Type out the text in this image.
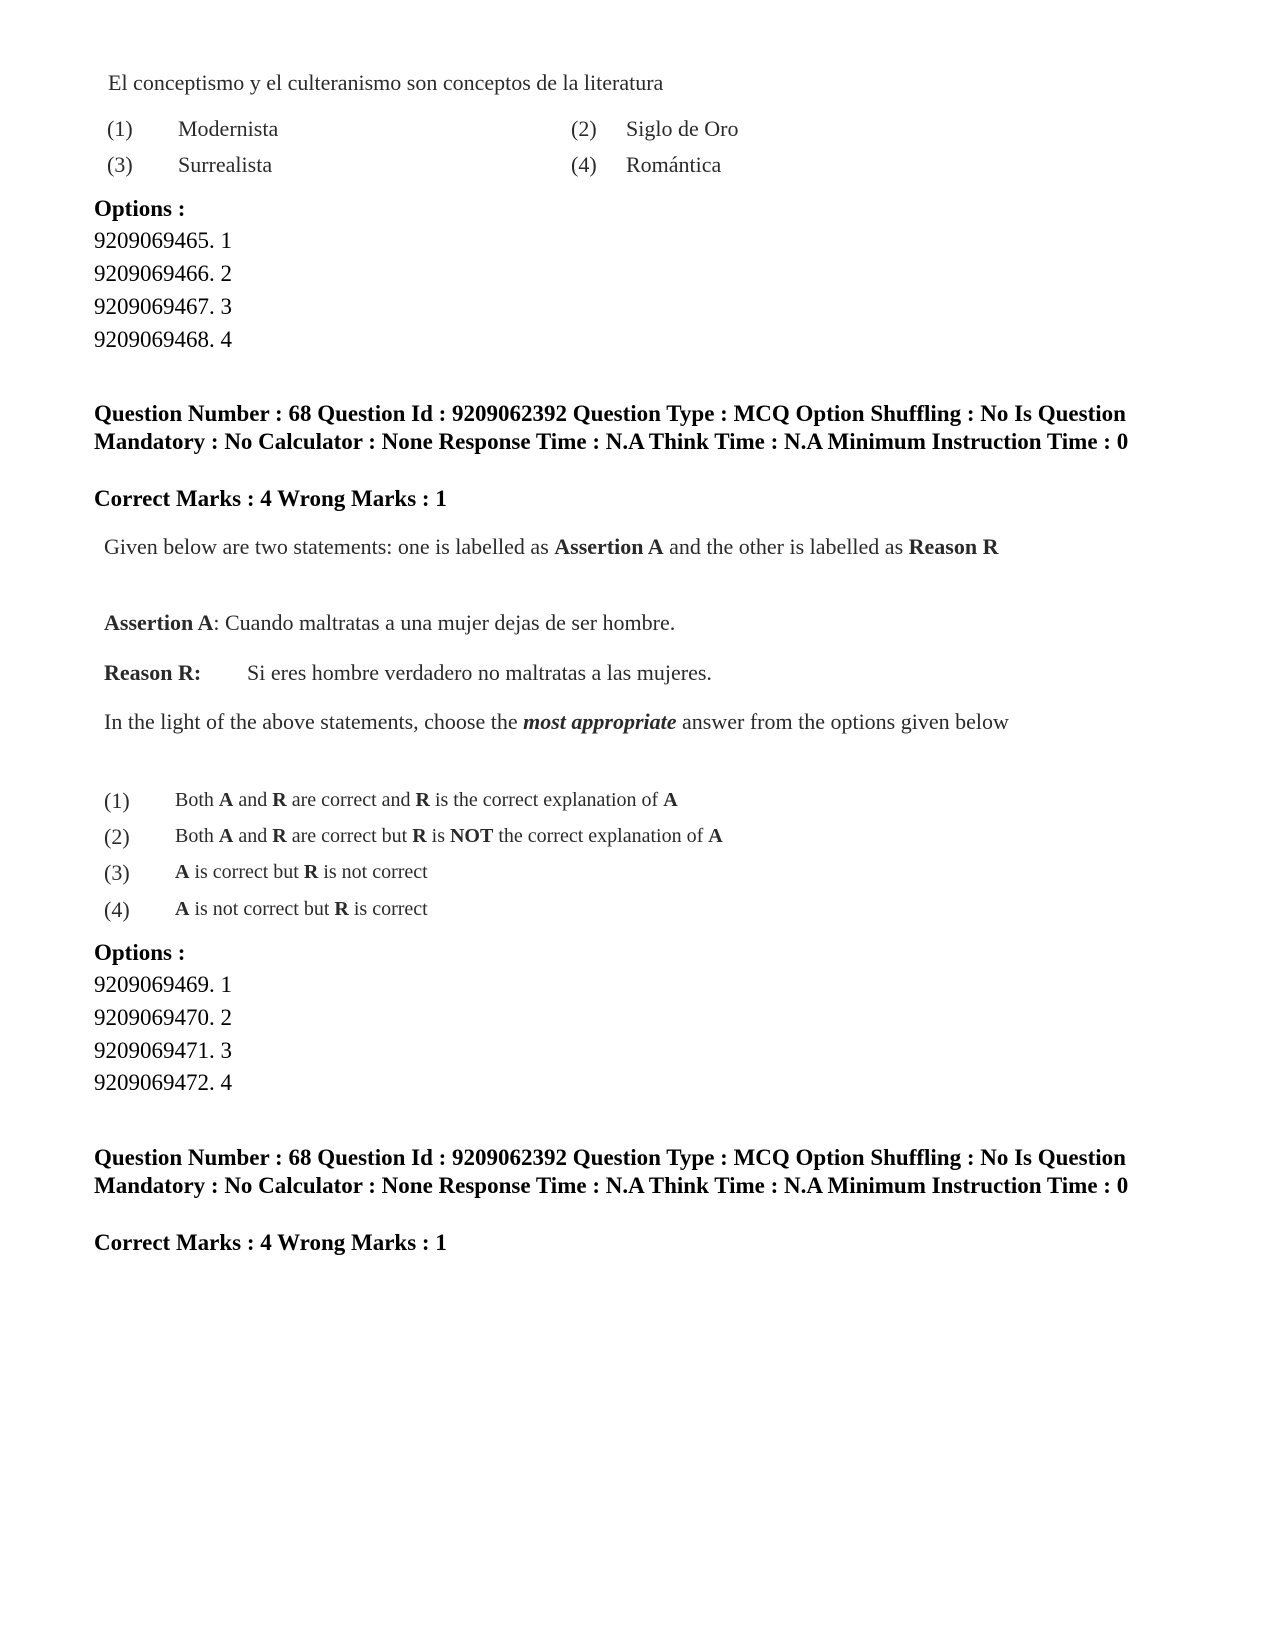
El conceptismo y el culteranismo son conceptos de la literatura
(1) Modernista	(2) Siglo de Oro
(3) Surrealista	(4) Romántica
Options :
9209069465. 1
9209069466. 2
9209069467. 3
9209069468. 4
Question Number : 68 Question Id : 9209062392 Question Type : MCQ Option Shuffling : No Is Question Mandatory : No Calculator : None Response Time : N.A Think Time : N.A Minimum Instruction Time : 0
Correct Marks : 4 Wrong Marks : 1
Given below are two statements: one is labelled as Assertion A and the other is labelled as Reason R
Assertion A: Cuando maltratas a una mujer dejas de ser hombre.
Reason R: Si eres hombre verdadero no maltratas a las mujeres.
In the light of the above statements, choose the most appropriate answer from the options given below
(1) Both A and R are correct and R is the correct explanation of A
(2) Both A and R are correct but R is NOT the correct explanation of A
(3) A is correct but R is not correct
(4) A is not correct but R is correct
Options :
9209069469. 1
9209069470. 2
9209069471. 3
9209069472. 4
Question Number : 68 Question Id : 9209062392 Question Type : MCQ Option Shuffling : No Is Question Mandatory : No Calculator : None Response Time : N.A Think Time : N.A Minimum Instruction Time : 0
Correct Marks : 4 Wrong Marks : 1
